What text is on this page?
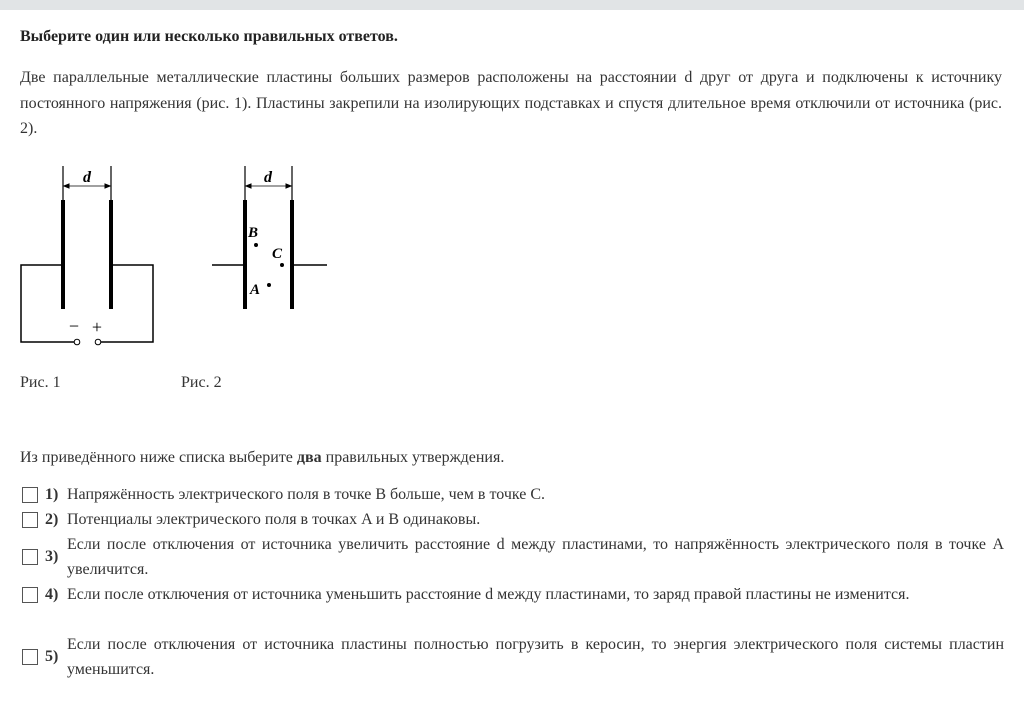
Выберите один или несколько правильных ответов.
Две параллельные металлические пластины больших размеров расположены на расстоянии d друг от друга и подключены к источнику постоянного напряжения (рис. 1). Пластины закрепили на изолирующих подставках и спустя длительное время отключили от источника (рис. 2).
d
− +
d
B
C
A
Рис. 1	Рис. 2
Из приведённого ниже списка выберите два правильных утверждения.
1) Напряжённость электрического поля в точке B больше, чем в точке C.
2) Потенциалы электрического поля в точках A и B одинаковы.
3)
Если после отключения от источника увеличить расстояние d между пластинами, то напряжённость электрического поля в точке A увеличится.
4) Если после отключения от источника уменьшить расстояние d между пластинами, то заряд правой пластины не изменится.
5)
Если после отключения от источника пластины полностью погрузить в керосин, то энергия электрического поля системы пластин уменьшится.
